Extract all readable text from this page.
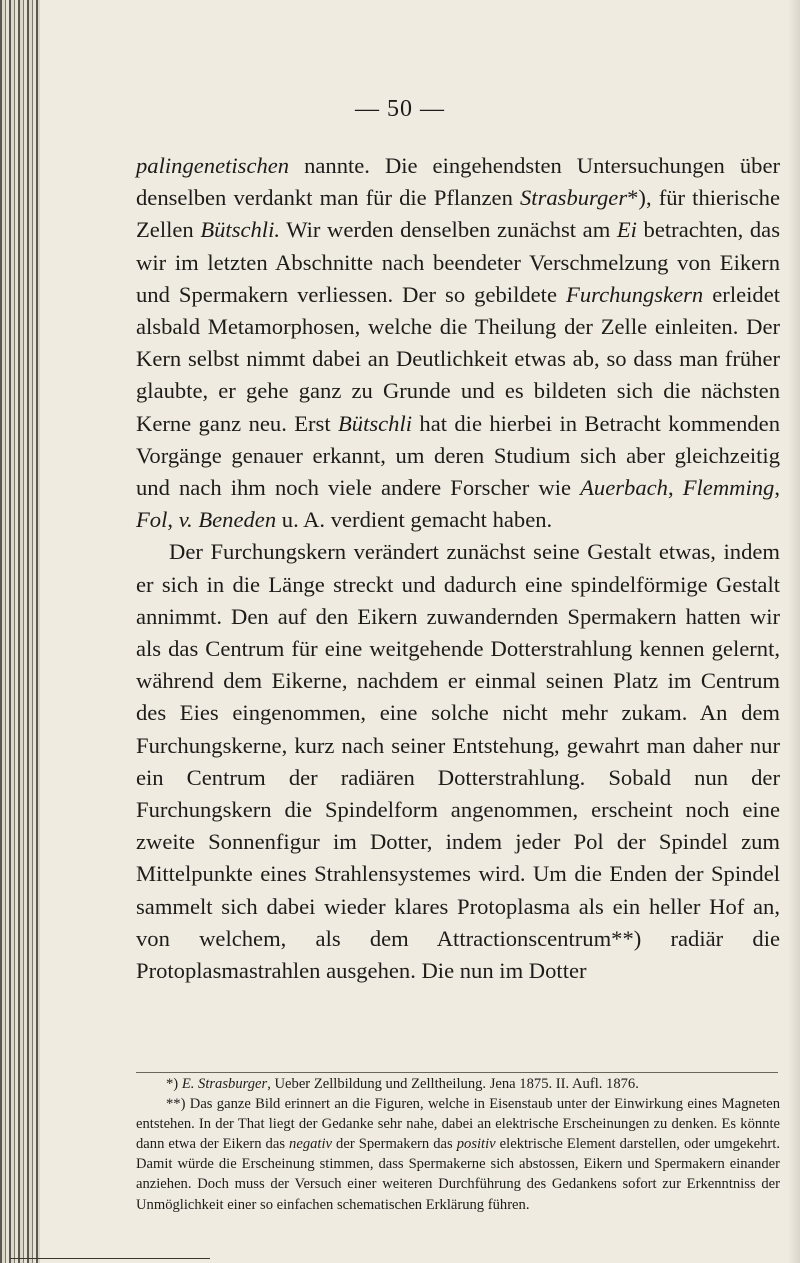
— 50 —

palingenetischen nannte. Die eingehendsten Untersuchungen über denselben verdankt man für die Pflanzen Strasburger*), für thierische Zellen Bütschli. Wir werden denselben zunächst am Ei betrachten, das wir im letzten Abschnitte nach beendeter Verschmelzung von Eikern und Spermakern verliessen. Der so gebildete Furchungskern erleidet alsbald Metamorphosen, welche die Theilung der Zelle einleiten. Der Kern selbst nimmt dabei an Deutlichkeit etwas ab, so dass man früher glaubte, er gehe ganz zu Grunde und es bildeten sich die nächsten Kerne ganz neu. Erst Bütschli hat die hierbei in Betracht kommenden Vorgänge genauer erkannt, um deren Studium sich aber gleichzeitig und nach ihm noch viele andere Forscher wie Auerbach, Flemming, Fol, v. Beneden u. A. verdient gemacht haben.

Der Furchungskern verändert zunächst seine Gestalt etwas, indem er sich in die Länge streckt und dadurch eine spindelförmige Gestalt annimmt. Den auf den Eikern zuwandernden Spermakern hatten wir als das Centrum für eine weitgehende Dotterstrahlung kennen gelernt, während dem Eikerne, nachdem er einmal seinen Platz im Centrum des Eies eingenommen, eine solche nicht mehr zukam. An dem Furchungskerne, kurz nach seiner Entstehung, gewahrt man daher nur ein Centrum der radiären Dotterstrahlung. Sobald nun der Furchungskern die Spindelform angenommen, erscheint noch eine zweite Sonnenfigur im Dotter, indem jeder Pol der Spindel zum Mittelpunkte eines Strahlensystemes wird. Um die Enden der Spindel sammelt sich dabei wieder klares Protoplasma als ein heller Hof an, von welchem, als dem Attractionscentrum**) radiär die Protoplasmastrahlen ausgehen. Die nun im Dotter

*) E. Strasburger, Ueber Zellbildung und Zelltheilung. Jena 1875. II. Aufl. 1876.

**) Das ganze Bild erinnert an die Figuren, welche in Eisenstaub unter der Einwirkung eines Magneten entstehen. In der That liegt der Gedanke sehr nahe, dabei an elektrische Erscheinungen zu denken. Es könnte dann etwa der Eikern das negativ der Spermakern das positiv elektrische Element darstellen, oder umgekehrt. Damit würde die Erscheinung stimmen, dass Spermakerne sich abstossen, Eikern und Spermakern einander anziehen. Doch muss der Versuch einer weiteren Durchführung des Gedankens sofort zur Erkenntniss der Unmöglichkeit einer so einfachen schematischen Erklärung führen.
